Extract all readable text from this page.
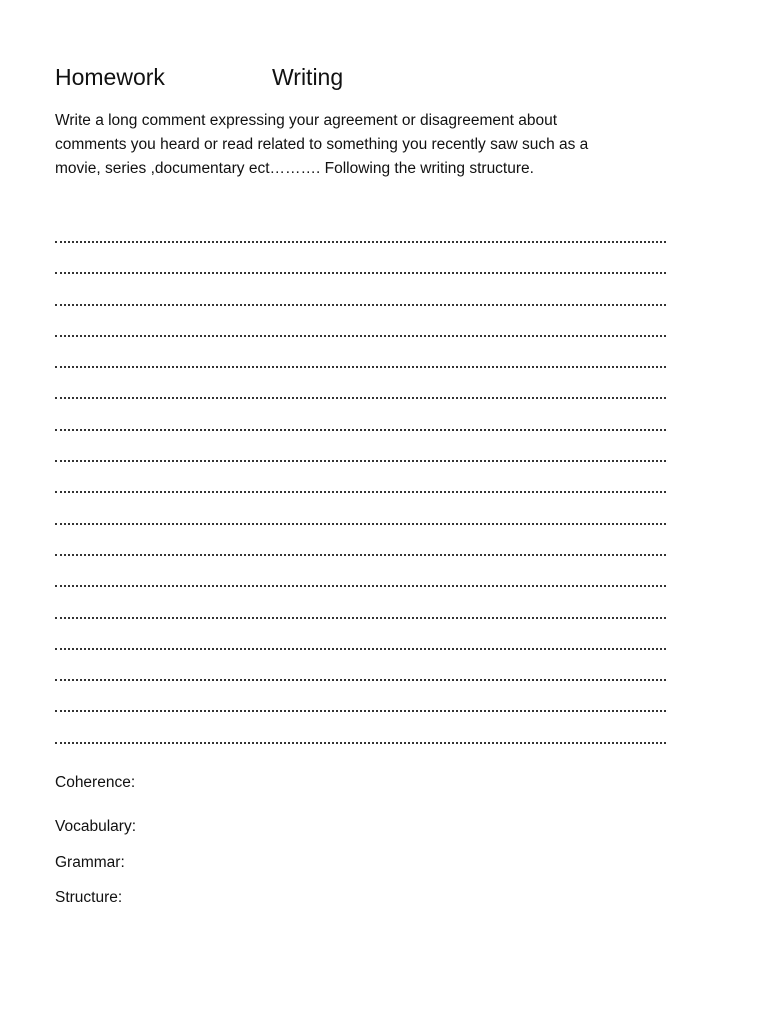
Homework	Writing
Write a long comment expressing your agreement or disagreement about
comments you heard or read related to something you recently saw such as a
movie, series ,documentary ect………. Following the writing structure.
Coherence:
Vocabulary:
Grammar:
Structure:
